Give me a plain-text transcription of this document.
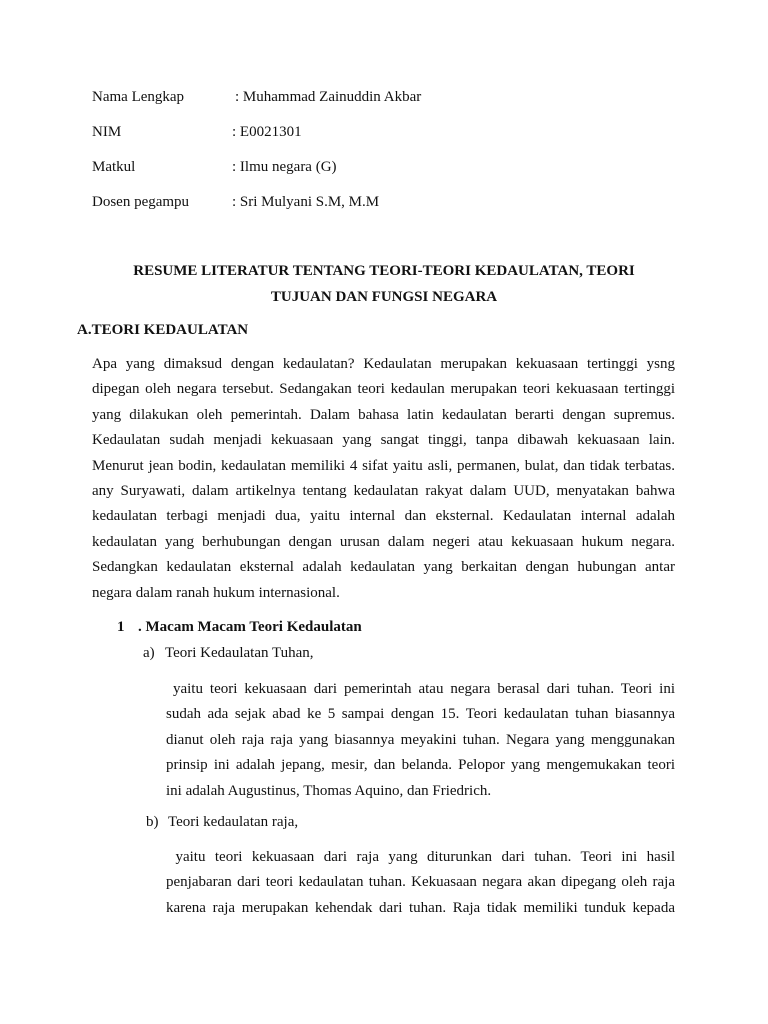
Nama Lengkap	: Muhammad Zainuddin Akbar
NIM	: E0021301
Matkul	: Ilmu negara (G)
Dosen pegampu	: Sri Mulyani S.M, M.M
RESUME LITERATUR TENTANG TEORI-TEORI KEDAULATAN, TEORI
TUJUAN DAN FUNGSI NEGARA
A.TEORI KEDAULATAN
Apa yang dimaksud dengan kedaulatan? Kedaulatan merupakan kekuasaan tertinggi ysng
dipegan oleh negara tersebut. Sedangakan teori kedaulan merupakan teori kekuasaan tertinggi
yang dilakukan oleh pemerintah. Dalam bahasa latin kedaulatan berarti dengan supremus.
Kedaulatan sudah menjadi kekuasaan yang sangat tinggi, tanpa dibawah kekuasaan lain.
Menurut jean bodin, kedaulatan memiliki 4 sifat yaitu asli, permanen, bulat, dan tidak terbatas.
any Suryawati, dalam artikelnya tentang kedaulatan rakyat dalam UUD, menyatakan bahwa
kedaulatan terbagi menjadi dua, yaitu internal dan eksternal. Kedaulatan internal adalah
kedaulatan yang berhubungan dengan urusan dalam negeri atau kekuasaan hukum negara.
Sedangkan kedaulatan eksternal adalah kedaulatan yang berkaitan dengan hubungan antar
negara dalam ranah hukum internasional.
1 . Macam Macam Teori Kedaulatan
a) Teori Kedaulatan Tuhan,
yaitu teori kekuasaan dari pemerintah atau negara berasal dari tuhan. Teori ini
sudah ada sejak abad ke 5 sampai dengan 15. Teori kedaulatan tuhan biasannya
dianut oleh raja raja yang biasannya meyakini tuhan. Negara yang menggunakan
prinsip ini adalah jepang, mesir, dan belanda. Pelopor yang mengemukakan teori
ini adalah Augustinus, Thomas Aquino, dan Friedrich.
b) Teori kedaulatan raja,
yaitu teori kekuasaan dari raja yang diturunkan dari tuhan. Teori ini hasil
penjabaran dari teori kedaulatan tuhan. Kekuasaan negara akan dipegang oleh raja
karena raja merupakan kehendak dari tuhan. Raja tidak memiliki tunduk kepada
